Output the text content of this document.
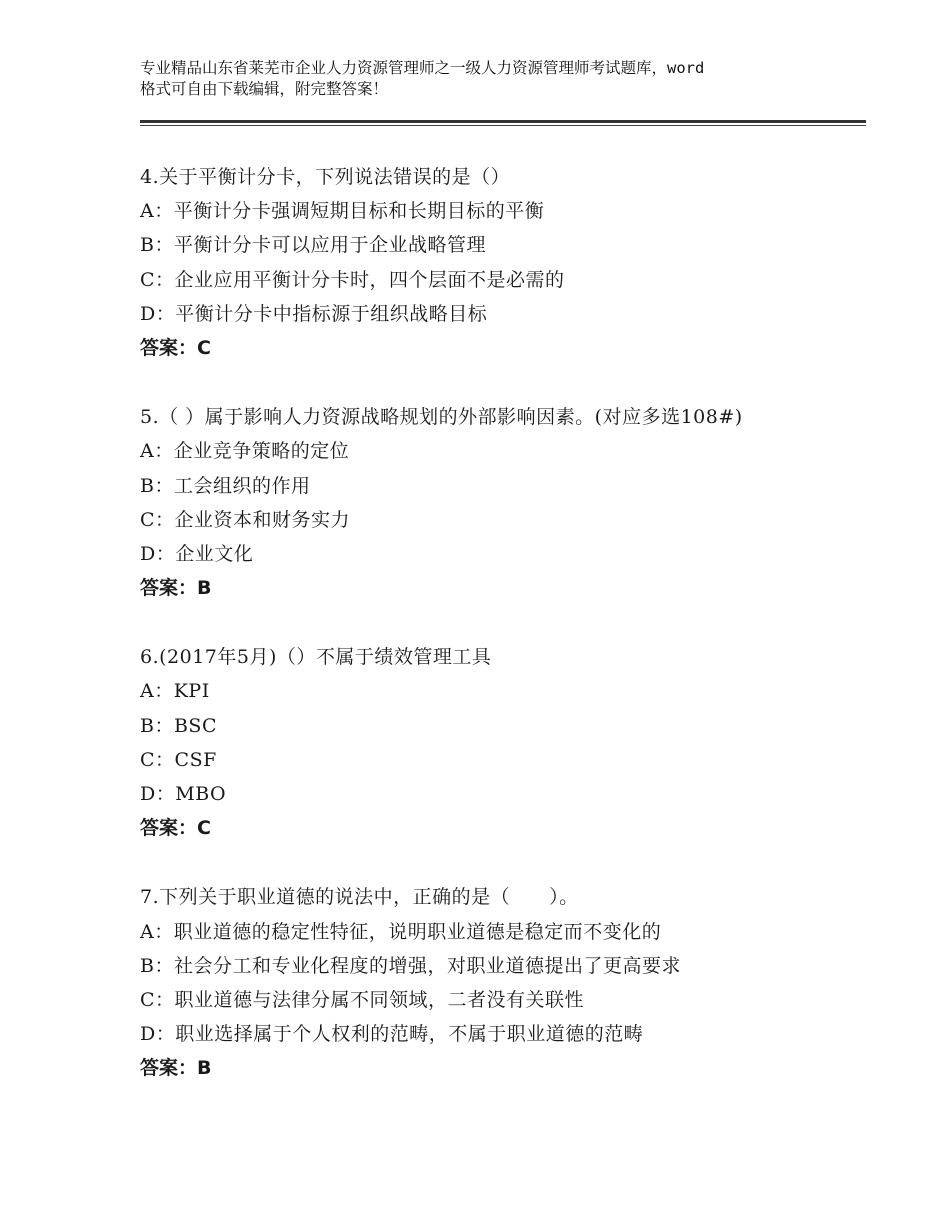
专业精品山东省莱芜市企业人力资源管理师之一级人力资源管理师考试题库，word
格式可自由下载编辑，附完整答案！
4.关于平衡计分卡，下列说法错误的是（）
A：平衡计分卡强调短期目标和长期目标的平衡
B：平衡计分卡可以应用于企业战略管理
C：企业应用平衡计分卡时，四个层面不是必需的
D：平衡计分卡中指标源于组织战略目标
答案：C
5.（ ）属于影响人力资源战略规划的外部影响因素。(对应多选108#)
A：企业竞争策略的定位
B：工会组织的作用
C：企业资本和财务实力
D：企业文化
答案：B
6.(2017年5月)（）不属于绩效管理工具
A：KPI
B：BSC
C：CSF
D：MBO
答案：C
7.下列关于职业道德的说法中，正确的是（　　）。
A：职业道德的稳定性特征，说明职业道德是稳定而不变化的
B：社会分工和专业化程度的增强，对职业道德提出了更高要求
C：职业道德与法律分属不同领域，二者没有关联性
D：职业选择属于个人权利的范畴，不属于职业道德的范畴
答案：B
